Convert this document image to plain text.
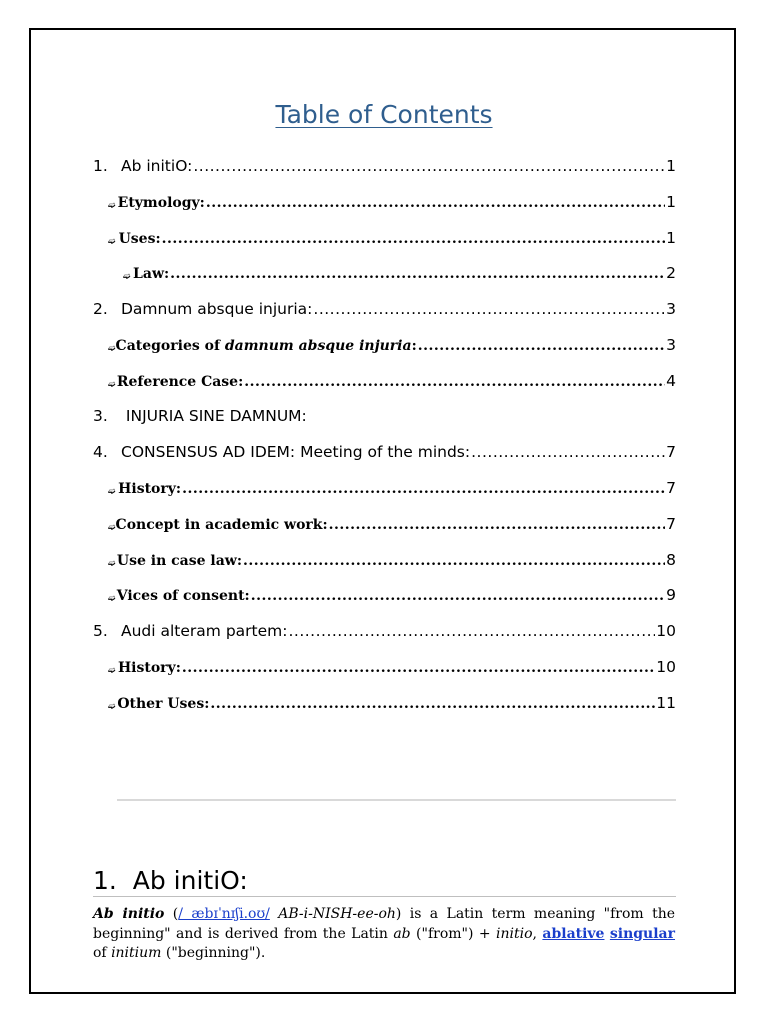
Table of Contents
1. Ab initiO: .....	1
➫ Etymology: .....	1
➫ Uses: .....	1
➫ Law: .....	2
2. Damnum absque injuria: .....	3
➫ Categories of damnum absque injuria: .....	3
➫ Reference Case: .....	4
3. INJURIA SINE DAMNUM:
4. CONSENSUS AD IDEM: Meeting of the minds: .....	7
➫ History: .....	7
➫ Concept in academic work: .....	7
➫ Use in case law: .....	8
➫ Vices of consent: .....	9
5. Audi alteram partem: .....	10
➫ History: .....	10
➫ Other Uses: .....	11
1. Ab initiO:
Ab initio (/ æbɪˈnɪʃi.oʊ/ AB-i-NISH-ee-oh) is a Latin term meaning "from the beginning" and is derived from the Latin ab ("from") + initio, ablative singular of initium ("beginning").
